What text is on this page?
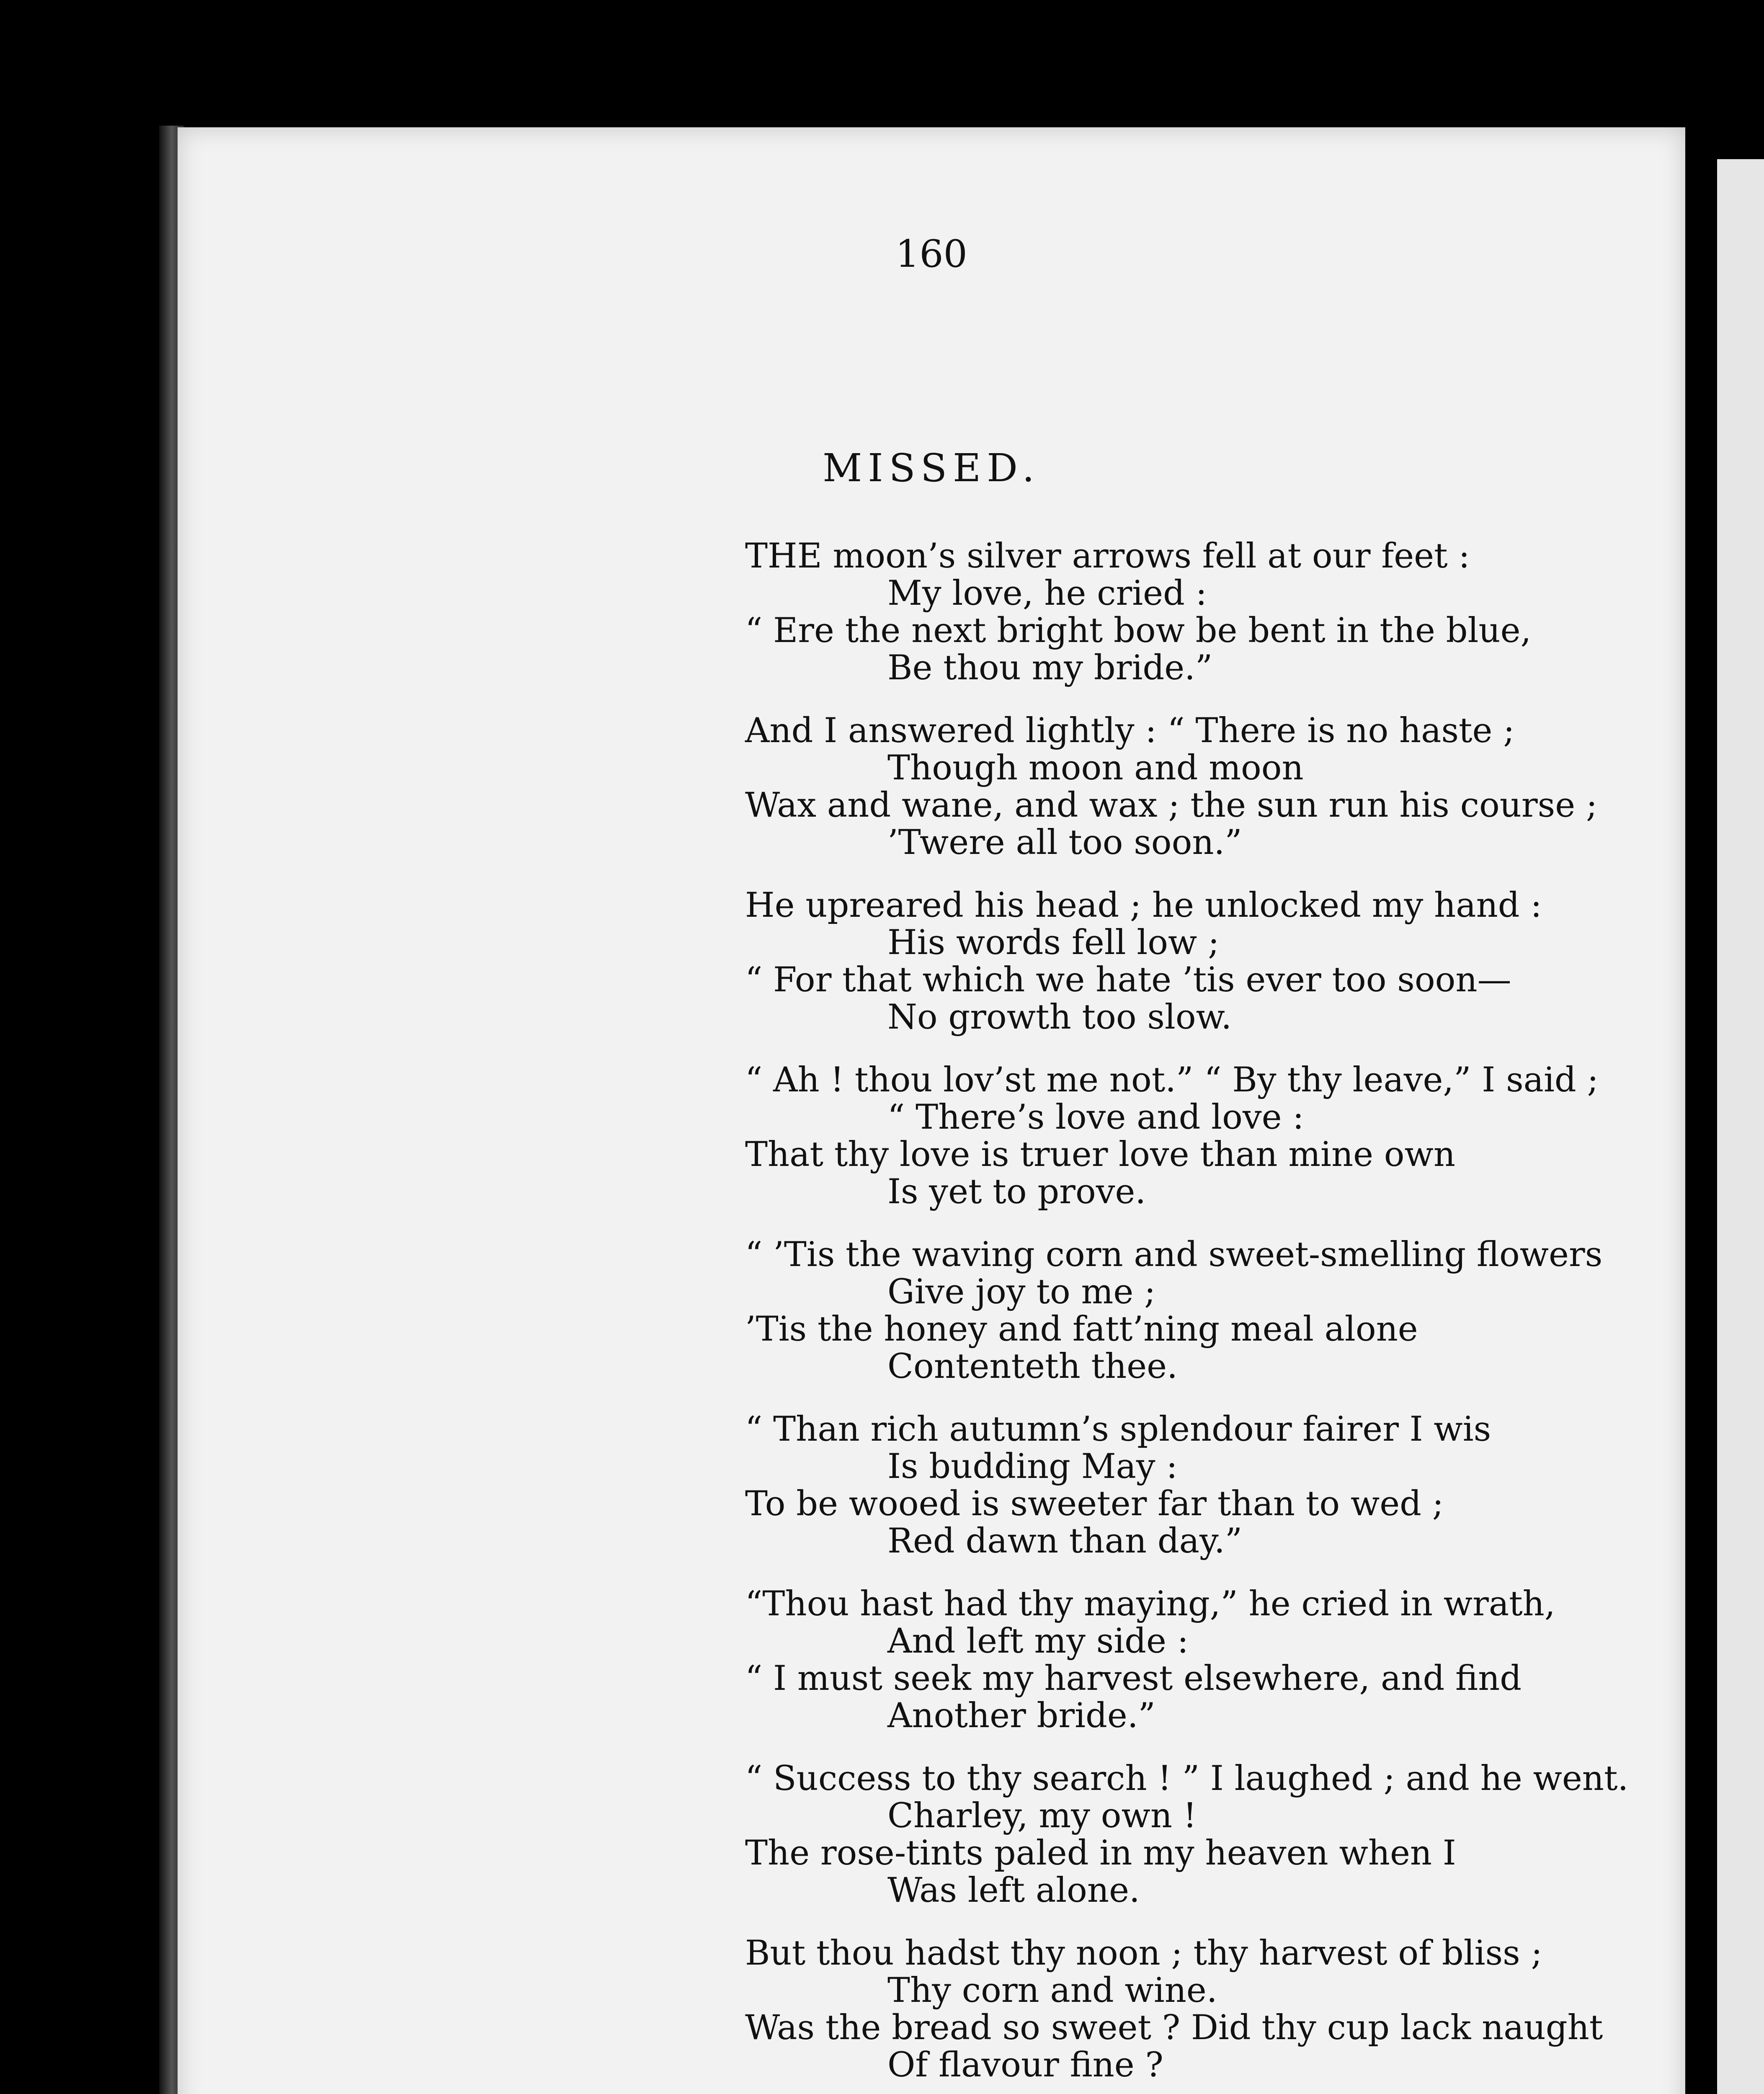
160
MISSED.
THE moon’s silver arrows fell at our feet :
My love, he cried :
“ Ere the next bright bow be bent in the blue,
Be thou my bride.”
And I answered lightly : “ There is no haste ;
Though moon and moon
Wax and wane, and wax ; the sun run his course ;
’Twere all too soon.”
He upreared his head ; he unlocked my hand :
His words fell low ;
“ For that which we hate ’tis ever too soon—
No growth too slow.
“ Ah ! thou lov’st me not.” “ By thy leave,” I said ;
“ There’s love and love :
That thy love is truer love than mine own
Is yet to prove.
“ ’Tis the waving corn and sweet-smelling flowers
Give joy to me ;
’Tis the honey and fatt’ning meal alone
Contenteth thee.
“ Than rich autumn’s splendour fairer I wis
Is budding May :
To be wooed is sweeter far than to wed ;
Red dawn than day.”
“Thou hast had thy maying,” he cried in wrath,
And left my side :
“ I must seek my harvest elsewhere, and find
Another bride.”
“ Success to thy search ! ” I laughed ; and he went.
Charley, my own !
The rose-tints paled in my heaven when I
Was left alone.
But thou hadst thy noon ; thy harvest of bliss ;
Thy corn and wine.
Was the bread so sweet ? Did thy cup lack naught
Of flavour fine ?
